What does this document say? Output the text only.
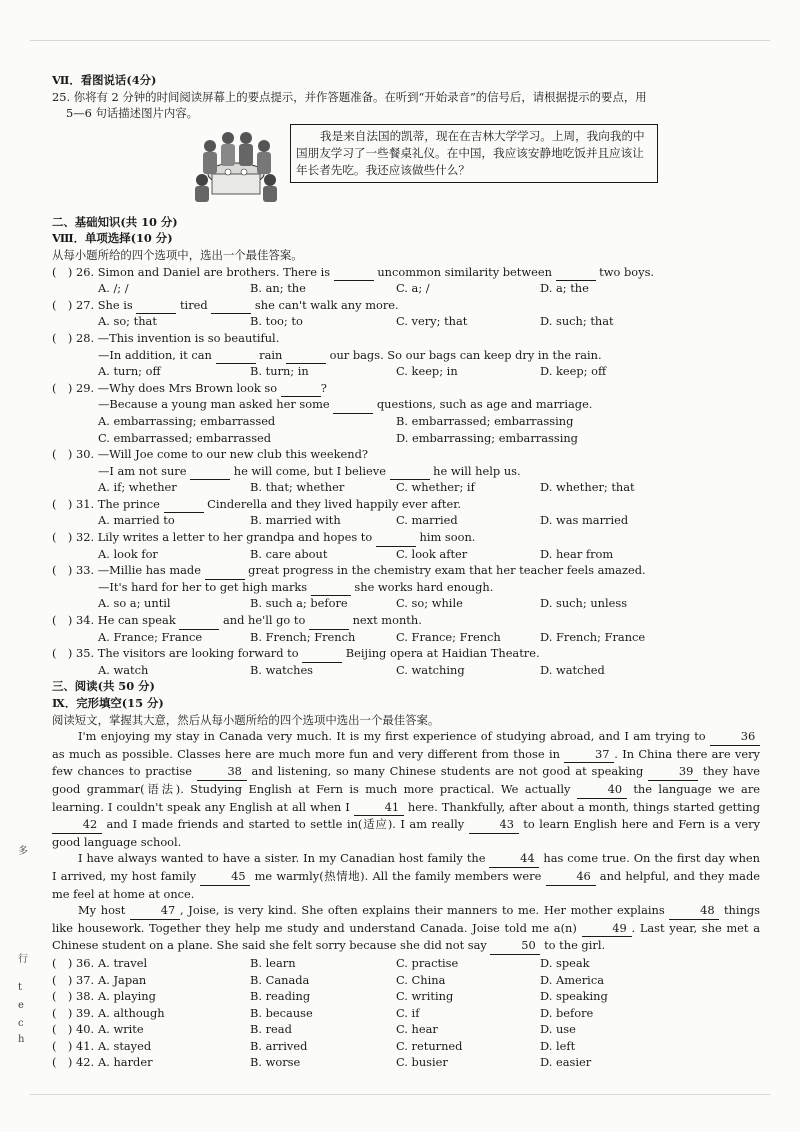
多
行
t
e
c
h
Ⅶ．看图说话(4分)
25. 你将有 2 分钟的时间阅读屏幕上的要点提示，并作答题准备。在听到“开始录音”的信号后，请根据提示的要点，用
5—6 句话描述图片内容。

我是来自法国的凯蒂，现在在吉林大学学习。上周，我向我的中国朋友学习了一些餐桌礼仪。在中国，我应该安静地吃饭并且应该让年长者先吃。我还应该做些什么？

二、基础知识(共 10 分)
Ⅷ．单项选择(10 分)
从每小题所给的四个选项中，选出一个最佳答案。
(　) 26. Simon and Daniel are brothers. There is	uncommon similarity between	two boys.
A. /; /	B. an; the	C. a; /	D. a; the
(　) 27. She is	tired	she can't walk any more.
A. so; that	B. too; to	C. very; that	D. such; that
(　) 28. —This invention is so beautiful.
—In addition, it can	rain	our bags. So our bags can keep dry in the rain.
A. turn; off	B. turn; in	C. keep; in	D. keep; off
(　) 29. —Why does Mrs Brown look so	?
—Because a young man asked her some	questions, such as age and marriage.
A. embarrassing; embarrassed	B. embarrassed; embarrassing
C. embarrassed; embarrassed	D. embarrassing; embarrassing
(　) 30. —Will Joe come to our new club this weekend?
—I am not sure	he will come, but I believe	he will help us.
A. if; whether	B. that; whether	C. whether; if	D. whether; that
(　) 31. The prince	Cinderella and they lived happily ever after.
A. married to	B. married with	C. married	D. was married
(　) 32. Lily writes a letter to her grandpa and hopes to	him soon.
A. look for	B. care about	C. look after	D. hear from
(　) 33. —Millie has made	great progress in the chemistry exam that her teacher feels amazed.
—It's hard for her to get high marks	she works hard enough.
A. so a; until	B. such a; before	C. so; while	D. such; unless
(　) 34. He can speak	and he'll go to	next month.
A. France; France	B. French; French	C. France; French	D. French; France
(　) 35. The visitors are looking forward to	Beijing opera at Haidian Theatre.
A. watch	B. watches	C. watching	D. watched
三、阅读(共 50 分)
Ⅸ．完形填空(15 分)
阅读短文，掌握其大意，然后从每小题所给的四个选项中选出一个最佳答案。

I'm enjoying my stay in Canada very much. It is my first experience of studying abroad, and I am trying to	36 as much as possible. Classes here are much more fun and very different from those in	37 . In China there are very few chances to practise	38 and listening, so many Chinese students are not good at speaking	39 they have good grammar(语法). Studying English at Fern is much more practical. We actually	40 the language we are learning. I couldn't speak any English at all when I	41 here. Thankfully, after about a month, things started getting 42 and I made friends and started to settle in(适应). I am really	43 to learn English here and Fern is a very good language school.

I have always wanted to have a sister. In my Canadian host family the	44 has come true. On the first day when I arrived, my host family	45 me warmly(热情地). All the family members were	46 and helpful, and they made me feel at home at once.

My host	47 , Joise, is very kind. She often explains their manners to me. Her mother explains	48 things like housework. Together they help me study and understand Canada. Joise told me a(n)	49 . Last year, she met a Chinese student on a plane. She said she felt sorry because she did not say	50 to the girl.

(　) 36. A. travel	B. learn	C. practise	D. speak
(　) 37. A. Japan	B. Canada	C. China	D. America
(　) 38. A. playing	B. reading	C. writing	D. speaking
(　) 39. A. although	B. because	C. if	D. before
(　) 40. A. write	B. read	C. hear	D. use
(　) 41. A. stayed	B. arrived	C. returned	D. left
(　) 42. A. harder	B. worse	C. busier	D. easier
